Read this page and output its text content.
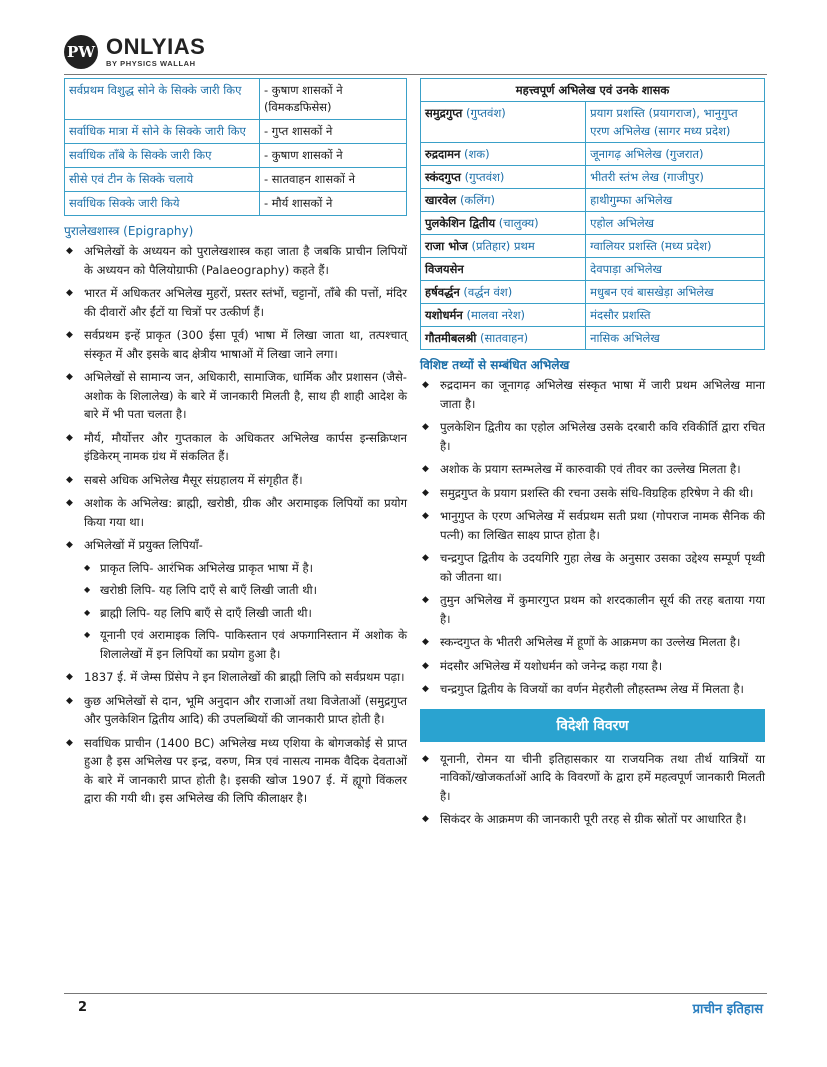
PW ONLYIAS
BY PHYSICS WALLAH
सर्वप्रथम विशुद्ध सोने के सिक्के जारी किए	- कुषाण शासकों ने (विमकडफिसेस)
सर्वाधिक मात्रा में सोने के सिक्के जारी किए	- गुप्त शासकों ने
सर्वाधिक ताँबे के सिक्के जारी किए	- कुषाण शासकों ने
सीसे एवं टीन के सिक्के चलाये	- सातवाहन शासकों ने
सर्वाधिक सिक्के जारी किये	- मौर्य शासकों ने
पुरालेखशास्त्र (Epigraphy)
◆ अभिलेखों के अध्ययन को पुरालेखशास्त्र कहा जाता है जबकि प्राचीन लिपियों के अध्ययन को पैलियोग्राफी (Palaeography) कहते हैं।
◆ भारत में अधिकतर अभिलेख मुहरों, प्रस्तर स्तंभों, चट्टानों, ताँबे की पत्तों, मंदिर की दीवारों और ईंटों या चित्रों पर उत्कीर्ण हैं।
◆ सर्वप्रथम इन्हें प्राकृत (300 ईसा पूर्व) भाषा में लिखा जाता था, तत्पश्चात् संस्कृत में और इसके बाद क्षेत्रीय भाषाओं में लिखा जाने लगा।
◆ अभिलेखों से सामान्य जन, अधिकारी, सामाजिक, धार्मिक और प्रशासन (जैसे- अशोक के शिलालेख) के बारे में जानकारी मिलती है, साथ ही शाही आदेश के बारे में भी पता चलता है।
◆ मौर्य, मौर्योत्तर और गुप्तकाल के अधिकतर अभिलेख कार्पस इन्सक्रिप्शन इंडिकेरम् नामक ग्रंथ में संकलित हैं।
◆ सबसे अधिक अभिलेख मैसूर संग्रहालय में संगृहीत हैं।
◆ अशोक के अभिलेख: ब्राह्मी, खरोष्ठी, ग्रीक और अरामाइक लिपियों का प्रयोग किया गया था।
◆ अभिलेखों में प्रयुक्त लिपियाँ-
◆ प्राकृत लिपि- आरंभिक अभिलेख प्राकृत भाषा में है।
◆ खरोष्ठी लिपि- यह लिपि दाएँ से बाएँ लिखी जाती थी।
◆ ब्राह्मी लिपि- यह लिपि बाएँ से दाएँ लिखी जाती थी।
◆ यूनानी एवं अरामाइक लिपि- पाकिस्तान एवं अफगानिस्तान में अशोक के शिलालेखों में इन लिपियों का प्रयोग हुआ है।
◆ 1837 ई. में जेम्स प्रिंसेप ने इन शिलालेखों की ब्राह्मी लिपि को सर्वप्रथम पढ़ा।
◆ कुछ अभिलेखों से दान, भूमि अनुदान और राजाओं तथा विजेताओं (समुद्रगुप्त और पुलकेशिन द्वितीय आदि) की उपलब्धियों की जानकारी प्राप्त होती है।
◆ सर्वाधिक प्राचीन (1400 BC) अभिलेख मध्य एशिया के बोगजकोई से प्राप्त हुआ है इस अभिलेख पर इन्द्र, वरुण, मित्र एवं नासत्य नामक वैदिक देवताओं के बारे में जानकारी प्राप्त होती है। इसकी खोज 1907 ई. में ह्यूगो विंकलर द्वारा की गयी थी। इस अभिलेख की लिपि कीलाक्षर है।
महत्त्वपूर्ण अभिलेख एवं उनके शासक	
समुद्रगुप्त (गुप्तवंश)	प्रयाग प्रशस्ति (प्रयागराज), भानुगुप्त एरण अभिलेख (सागर मध्य प्रदेश)
रुद्रदामन (शक)	जूनागढ़ अभिलेख (गुजरात)
स्कंदगुप्त (गुप्तवंश)	भीतरी स्तंभ लेख (गाजीपुर)
खारवेल (कलिंग)	हाथीगुम्फा अभिलेख
पुलकेशिन द्वितीय (चालुक्य)	एहोल अभिलेख
राजा भोज (प्रतिहार) प्रथम	ग्वालियर प्रशस्ति (मध्य प्रदेश)
विजयसेन	देवपाड़ा अभिलेख
हर्षवर्द्धन (वर्द्धन वंश)	मधुबन एवं बासखेड़ा अभिलेख
यशोधर्मन (मालवा नरेश)	मंदसौर प्रशस्ति
गौतमीबलश्री (सातवाहन)	नासिक अभिलेख
विशिष्ट तथ्यों से सम्बंधित अभिलेख
◆ रुद्रदामन का जूनागढ़ अभिलेख संस्कृत भाषा में जारी प्रथम अभिलेख माना जाता है।
◆ पुलकेशिन द्वितीय का एहोल अभिलेख उसके दरबारी कवि रविकीर्ति द्वारा रचित है।
◆ अशोक के प्रयाग स्तम्भलेख में कारुवाकी एवं तीवर का उल्लेख मिलता है।
◆ समुद्रगुप्त के प्रयाग प्रशस्ति की रचना उसके संधि-विग्रहिक हरिषेण ने की थी।
◆ भानुगुप्त के एरण अभिलेख में सर्वप्रथम सती प्रथा (गोपराज नामक सैनिक की पत्नी) का लिखित साक्ष्य प्राप्त होता है।
◆ चन्द्रगुप्त द्वितीय के उदयगिरि गुहा लेख के अनुसार उसका उद्देश्य सम्पूर्ण पृथ्वी को जीतना था।
◆ तुमुन अभिलेख में कुमारगुप्त प्रथम को शरदकालीन सूर्य की तरह बताया गया है।
◆ स्कन्दगुप्त के भीतरी अभिलेख में हूणों के आक्रमण का उल्लेख मिलता है।
◆ मंदसौर अभिलेख में यशोधर्मन को जनेन्द्र कहा गया है।
◆ चन्द्रगुप्त द्वितीय के विजयों का वर्णन मेहरौली लौहस्तम्भ लेख में मिलता है।
विदेशी विवरण
◆ यूनानी, रोमन या चीनी इतिहासकार या राजयनिक तथा तीर्थ यात्रियों या नाविकों/खोजकर्ताओं आदि के विवरणों के द्वारा हमें महत्वपूर्ण जानकारी मिलती है।
◆ सिकंदर के आक्रमण की जानकारी पूरी तरह से ग्रीक स्रोतों पर आधारित है।
2	प्राचीन इतिहास
